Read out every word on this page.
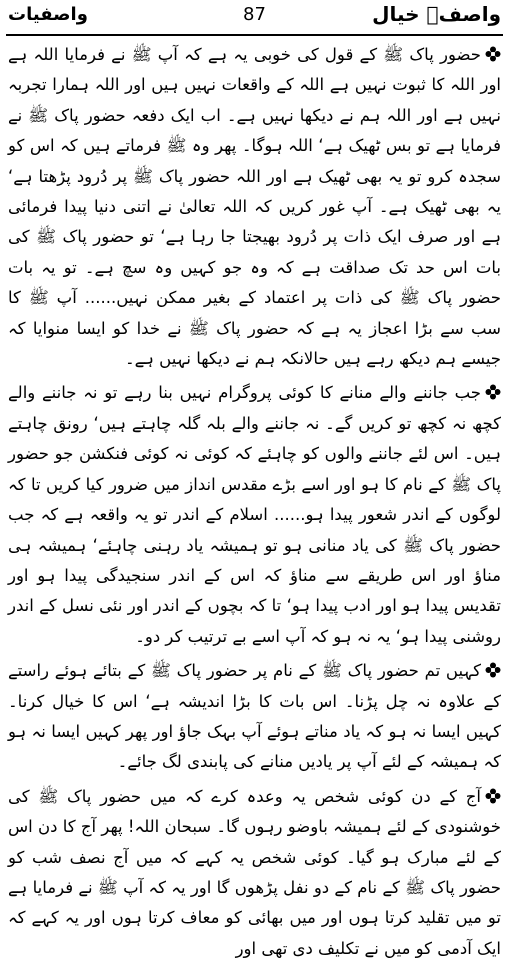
واصفؒ خیال
87
واصفیات

حضور پاک ﷺ کے قول کی خوبی یہ ہے کہ آپ ﷺ نے فرمایا اللہ ہے اور اللہ کا ثبوت نہیں ہے اللہ کے واقعات نہیں ہیں اور اللہ ہمارا تجربہ نہیں ہے اور اللہ ہم نے دیکھا نہیں ہے۔ اب ایک دفعہ حضور پاک ﷺ نے فرمایا ہے تو بس ٹھیک ہے‘ اللہ ہوگا۔ پھر وہ ﷺ فرماتے ہیں کہ اس کو سجدہ کرو تو یہ بھی ٹھیک ہے اور اللہ حضور پاک ﷺ پر دُرود پڑھتا ہے‘ یہ بھی ٹھیک ہے۔ آپ غور کریں کہ اللہ تعالیٰ نے اتنی دنیا پیدا فرمائی ہے اور صرف ایک ذات پر دُرود بھیجتا جا رہا ہے‘ تو حضور پاک ﷺ کی بات اس حد تک صداقت ہے کہ وہ جو کہیں وہ سچ ہے۔ تو یہ بات حضور پاک ﷺ کی ذات پر اعتماد کے بغیر ممکن نہیں...... آپ ﷺ کا سب سے بڑا اعجاز یہ ہے کہ حضور پاک ﷺ نے خدا کو ایسا منوایا کہ جیسے ہم دیکھ رہے ہیں حالانکہ ہم نے دیکھا نہیں ہے۔

جب جاننے والے منانے کا کوئی پروگرام نہیں بنا رہے تو نہ جاننے والے کچھ نہ کچھ تو کریں گے۔ نہ جاننے والے بلہ گلہ چاہتے ہیں‘ رونق چاہتے ہیں۔ اس لئے جاننے والوں کو چاہئے کہ کوئی نہ کوئی فنکشن جو حضور پاک ﷺ کے نام کا ہو اور اسے بڑے مقدس انداز میں ضرور کیا کریں تا کہ لوگوں کے اندر شعور پیدا ہو...... اسلام کے اندر تو یہ واقعہ ہے کہ جب حضور پاک ﷺ کی یاد منانی ہو تو ہمیشہ یاد رہنی چاہئے‘ ہمیشہ ہی مناؤ اور اس طریقے سے مناؤ کہ اس کے اندر سنجیدگی پیدا ہو اور تقدیس پیدا ہو اور ادب پیدا ہو‘ تا کہ بچوں کے اندر اور نئی نسل کے اندر روشنی پیدا ہو‘ یہ نہ ہو کہ آپ اسے بے ترتیب کر دو۔

کہیں تم حضور پاک ﷺ کے نام پر حضور پاک ﷺ کے بتائے ہوئے راستے کے علاوہ نہ چل پڑنا۔ اس بات کا بڑا اندیشہ ہے‘ اس کا خیال کرنا۔ کہیں ایسا نہ ہو کہ یاد مناتے ہوئے آپ بہک جاؤ اور پھر کہیں ایسا نہ ہو کہ ہمیشہ کے لئے آپ پر یادیں منانے کی پابندی لگ جائے۔

آج کے دن کوئی شخص یہ وعدہ کرے کہ میں حضور پاک ﷺ کی خوشنودی کے لئے ہمیشہ باوضو رہوں گا۔ سبحان اللہ! پھر آج کا دن اس کے لئے مبارک ہو گیا۔ کوئی شخص یہ کہے کہ میں آج نصف شب کو حضور پاک ﷺ کے نام کے دو نفل پڑھوں گا اور یہ کہ آپ ﷺ نے فرمایا ہے تو میں تقلید کرتا ہوں اور میں بھائی کو معاف کرتا ہوں اور یہ کہے کہ ایک آدمی کو میں نے تکلیف دی تھی اور
